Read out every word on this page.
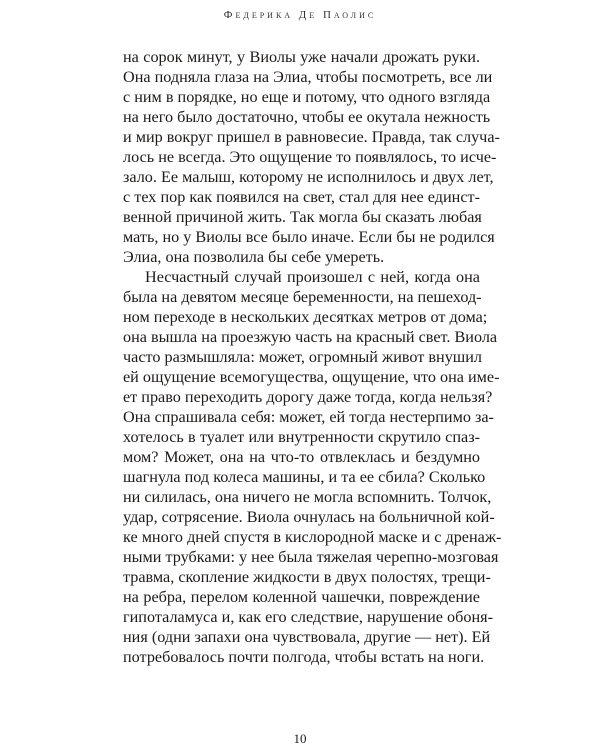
Федерика Де Паолис
на сорок минут, у Виолы уже начали дрожать руки.
Она подняла глаза на Элиа, чтобы посмотреть, все ли
с ним в порядке, но еще и потому, что одного взгляда
на него было достаточно, чтобы ее окутала нежность
и мир вокруг пришел в равновесие. Правда, так случа-
лось не всегда. Это ощущение то появлялось, то исче-
зало. Ее малыш, которому не исполнилось и двух лет,
с тех пор как появился на свет, стал для нее единст-
венной причиной жить. Так могла бы сказать любая
мать, но у Виолы все было иначе. Если бы не родился
Элиа, она позволила бы себе умереть.
Несчастный случай произошел с ней, когда она
была на девятом месяце беременности, на пешеход-
ном переходе в нескольких десятках метров от дома;
она вышла на проезжую часть на красный свет. Виола
часто размышляла: может, огромный живот внушил
ей ощущение всемогущества, ощущение, что она име-
ет право переходить дорогу даже тогда, когда нельзя?
Она спрашивала себя: может, ей тогда нестерпимо за-
хотелось в туалет или внутренности скрутило спаз-
мом? Может, она на что-то отвлеклась и бездумно
шагнула под колеса машины, и та ее сбила? Сколько
ни силилась, она ничего не могла вспомнить. Толчок,
удар, сотрясение. Виола очнулась на больничной кой-
ке много дней спустя в кислородной маске и с дренаж-
ными трубками: у нее была тяжелая черепно-мозговая
травма, скопление жидкости в двух полостях, трещи-
на ребра, перелом коленной чашечки, повреждение
гипоталамуса и, как его следствие, нарушение обоня-
ния (одни запахи она чувствовала, другие — нет). Ей
потребовалось почти полгода, чтобы встать на ноги.
10
